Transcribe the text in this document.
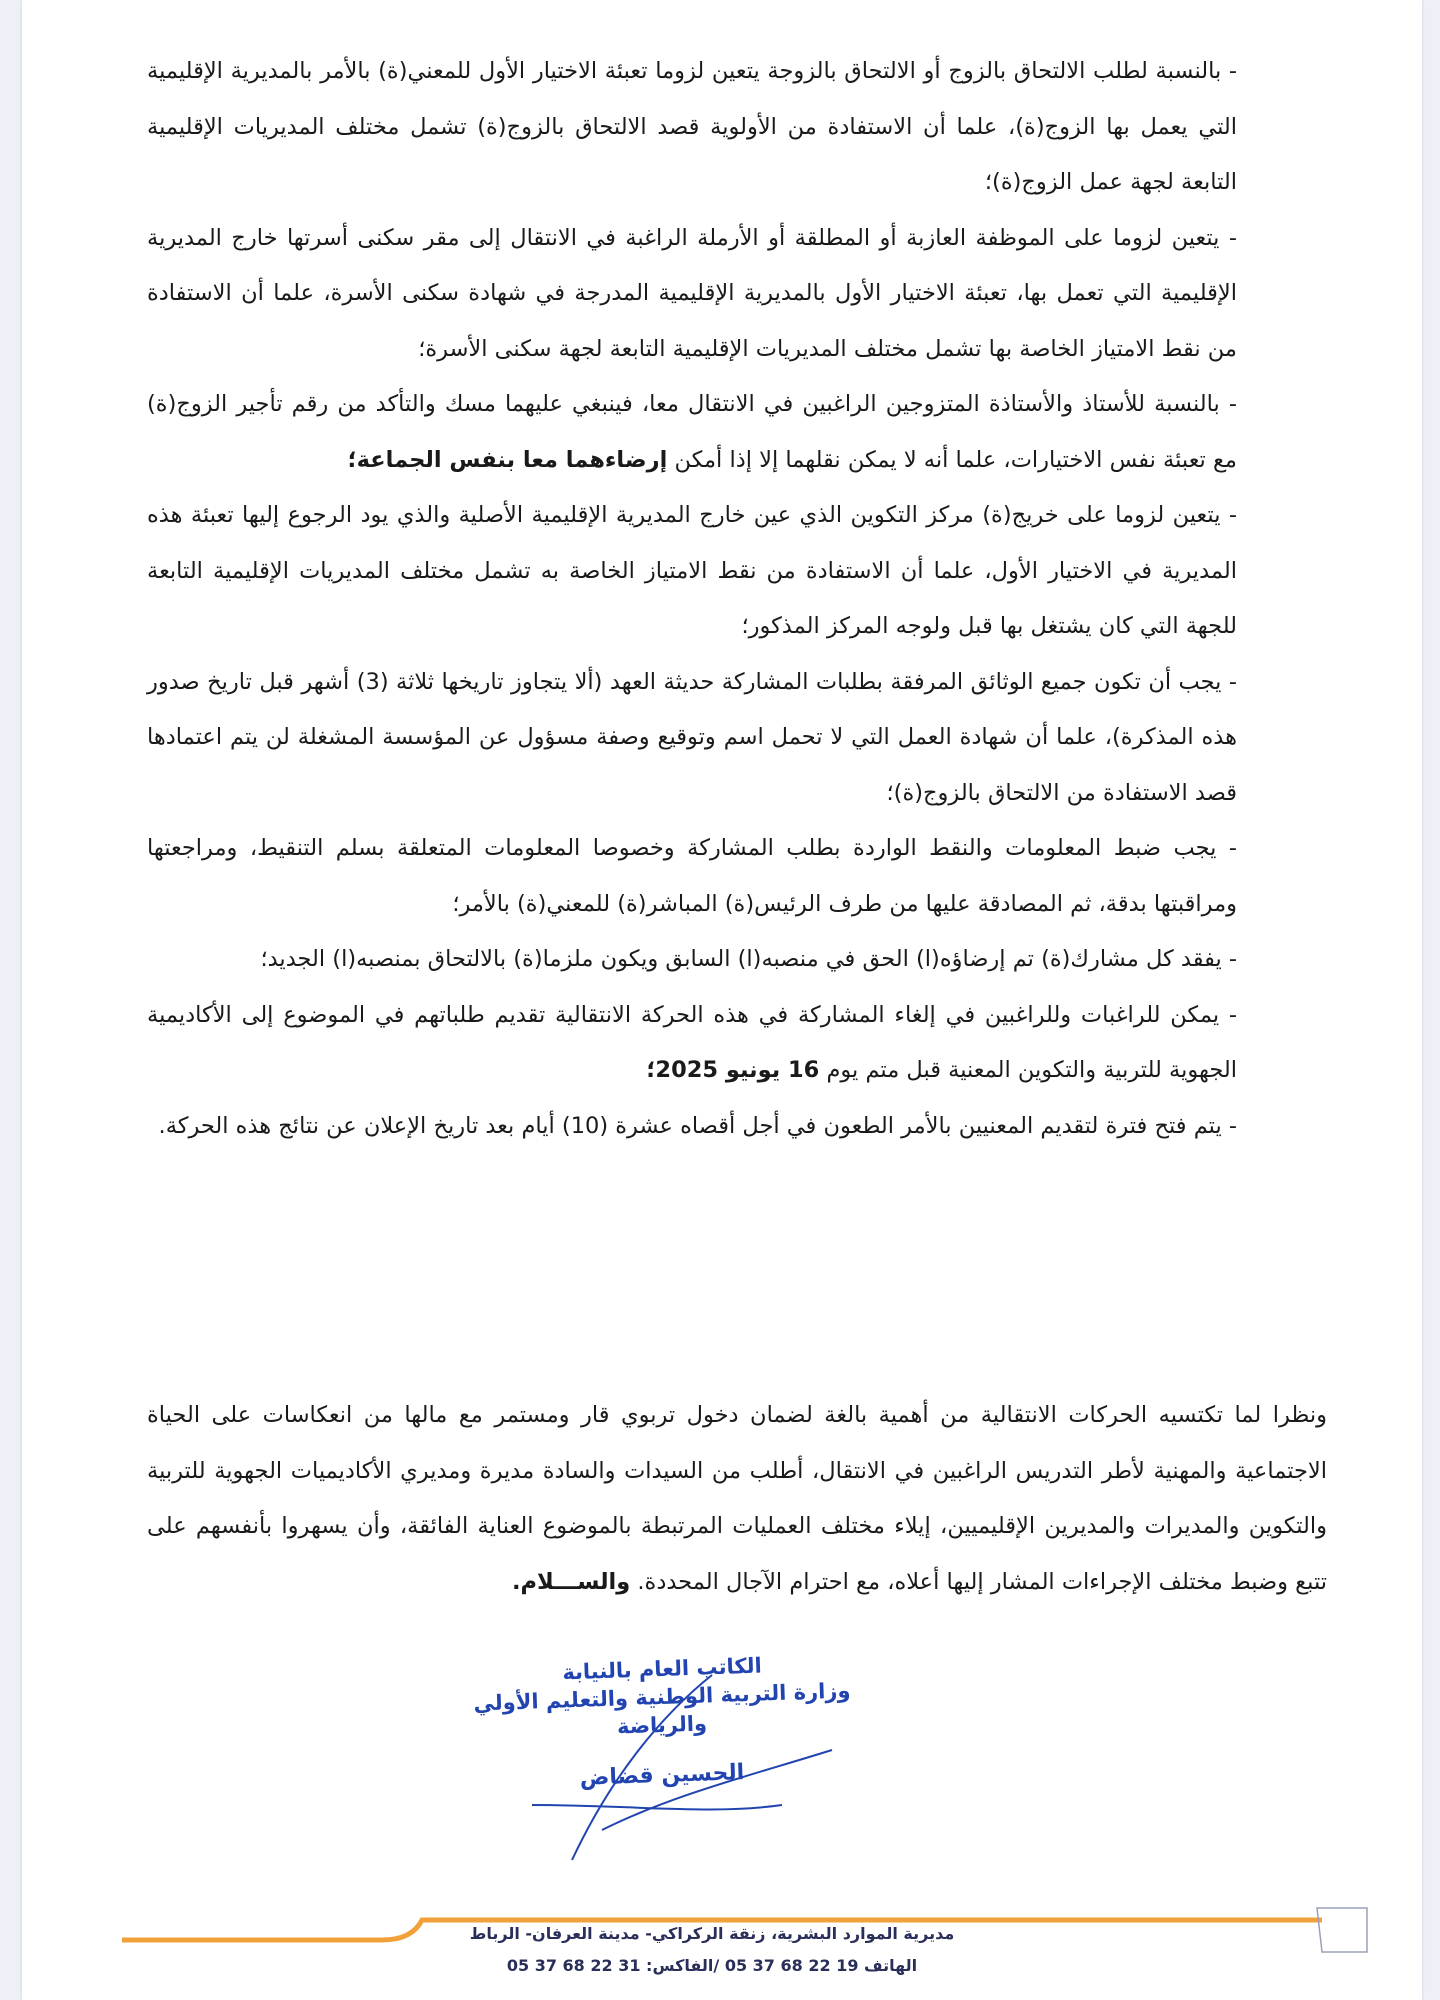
- بالنسبة لطلب الالتحاق بالزوج أو الالتحاق بالزوجة يتعين لزوما تعبئة الاختيار الأول للمعني(ة) بالأمر بالمديرية الإقليمية التي يعمل بها الزوج(ة)، علما أن الاستفادة من الأولوية قصد الالتحاق بالزوج(ة) تشمل مختلف المديريات الإقليمية التابعة لجهة عمل الزوج(ة)؛

- يتعين لزوما على الموظفة العازبة أو المطلقة أو الأرملة الراغبة في الانتقال إلى مقر سكنى أسرتها خارج المديرية الإقليمية التي تعمل بها، تعبئة الاختيار الأول بالمديرية الإقليمية المدرجة في شهادة سكنى الأسرة، علما أن الاستفادة من نقط الامتياز الخاصة بها تشمل مختلف المديريات الإقليمية التابعة لجهة سكنى الأسرة؛

- بالنسبة للأستاذ والأستاذة المتزوجين الراغبين في الانتقال معا، فينبغي عليهما مسك والتأكد من رقم تأجير الزوج(ة) مع تعبئة نفس الاختيارات، علما أنه لا يمكن نقلهما إلا إذا أمكن إرضاءهما معا بنفس الجماعة؛

- يتعين لزوما على خريج(ة) مركز التكوين الذي عين خارج المديرية الإقليمية الأصلية والذي يود الرجوع إليها تعبئة هذه المديرية في الاختيار الأول، علما أن الاستفادة من نقط الامتياز الخاصة به تشمل مختلف المديريات الإقليمية التابعة للجهة التي كان يشتغل بها قبل ولوجه المركز المذكور؛

- يجب أن تكون جميع الوثائق المرفقة بطلبات المشاركة حديثة العهد (ألا يتجاوز تاريخها ثلاثة (3) أشهر قبل تاريخ صدور هذه المذكرة)، علما أن شهادة العمل التي لا تحمل اسم وتوقيع وصفة مسؤول عن المؤسسة المشغلة لن يتم اعتمادها قصد الاستفادة من الالتحاق بالزوج(ة)؛

- يجب ضبط المعلومات والنقط الواردة بطلب المشاركة وخصوصا المعلومات المتعلقة بسلم التنقيط، ومراجعتها ومراقبتها بدقة، ثم المصادقة عليها من طرف الرئيس(ة) المباشر(ة) للمعني(ة) بالأمر؛

- يفقد كل مشارك(ة) تم إرضاؤه(ا) الحق في منصبه(ا) السابق ويكون ملزما(ة) بالالتحاق بمنصبه(ا) الجديد؛

- يمكن للراغبات وللراغبين في إلغاء المشاركة في هذه الحركة الانتقالية تقديم طلباتهم في الموضوع إلى الأكاديمية الجهوية للتربية والتكوين المعنية قبل متم يوم 16 يونيو 2025؛

- يتم فتح فترة لتقديم المعنيين بالأمر الطعون في أجل أقصاه عشرة (10) أيام بعد تاريخ الإعلان عن نتائج هذه الحركة.

ونظرا لما تكتسيه الحركات الانتقالية من أهمية بالغة لضمان دخول تربوي قار ومستمر مع مالها من انعكاسات على الحياة الاجتماعية والمهنية لأطر التدريس الراغبين في الانتقال، أطلب من السيدات والسادة مديرة ومديري الأكاديميات الجهوية للتربية والتكوين والمديرات والمديرين الإقليميين، إيلاء مختلف العمليات المرتبطة بالموضوع العناية الفائقة، وأن يسهروا بأنفسهم على تتبع وضبط مختلف الإجراءات المشار إليها أعلاه، مع احترام الآجال المحددة. والســـلام.

الكاتب العام بالنيابة
وزارة التربية الوطنية والتعليم الأولي
والرياضة
الحسين قضاض
مديرية الموارد البشرية، زنقة الركراكي- مدينة العرفان- الرباط
الهاتف 19 22 68 37 05 /الفاكس: 31 22 68 37 05
